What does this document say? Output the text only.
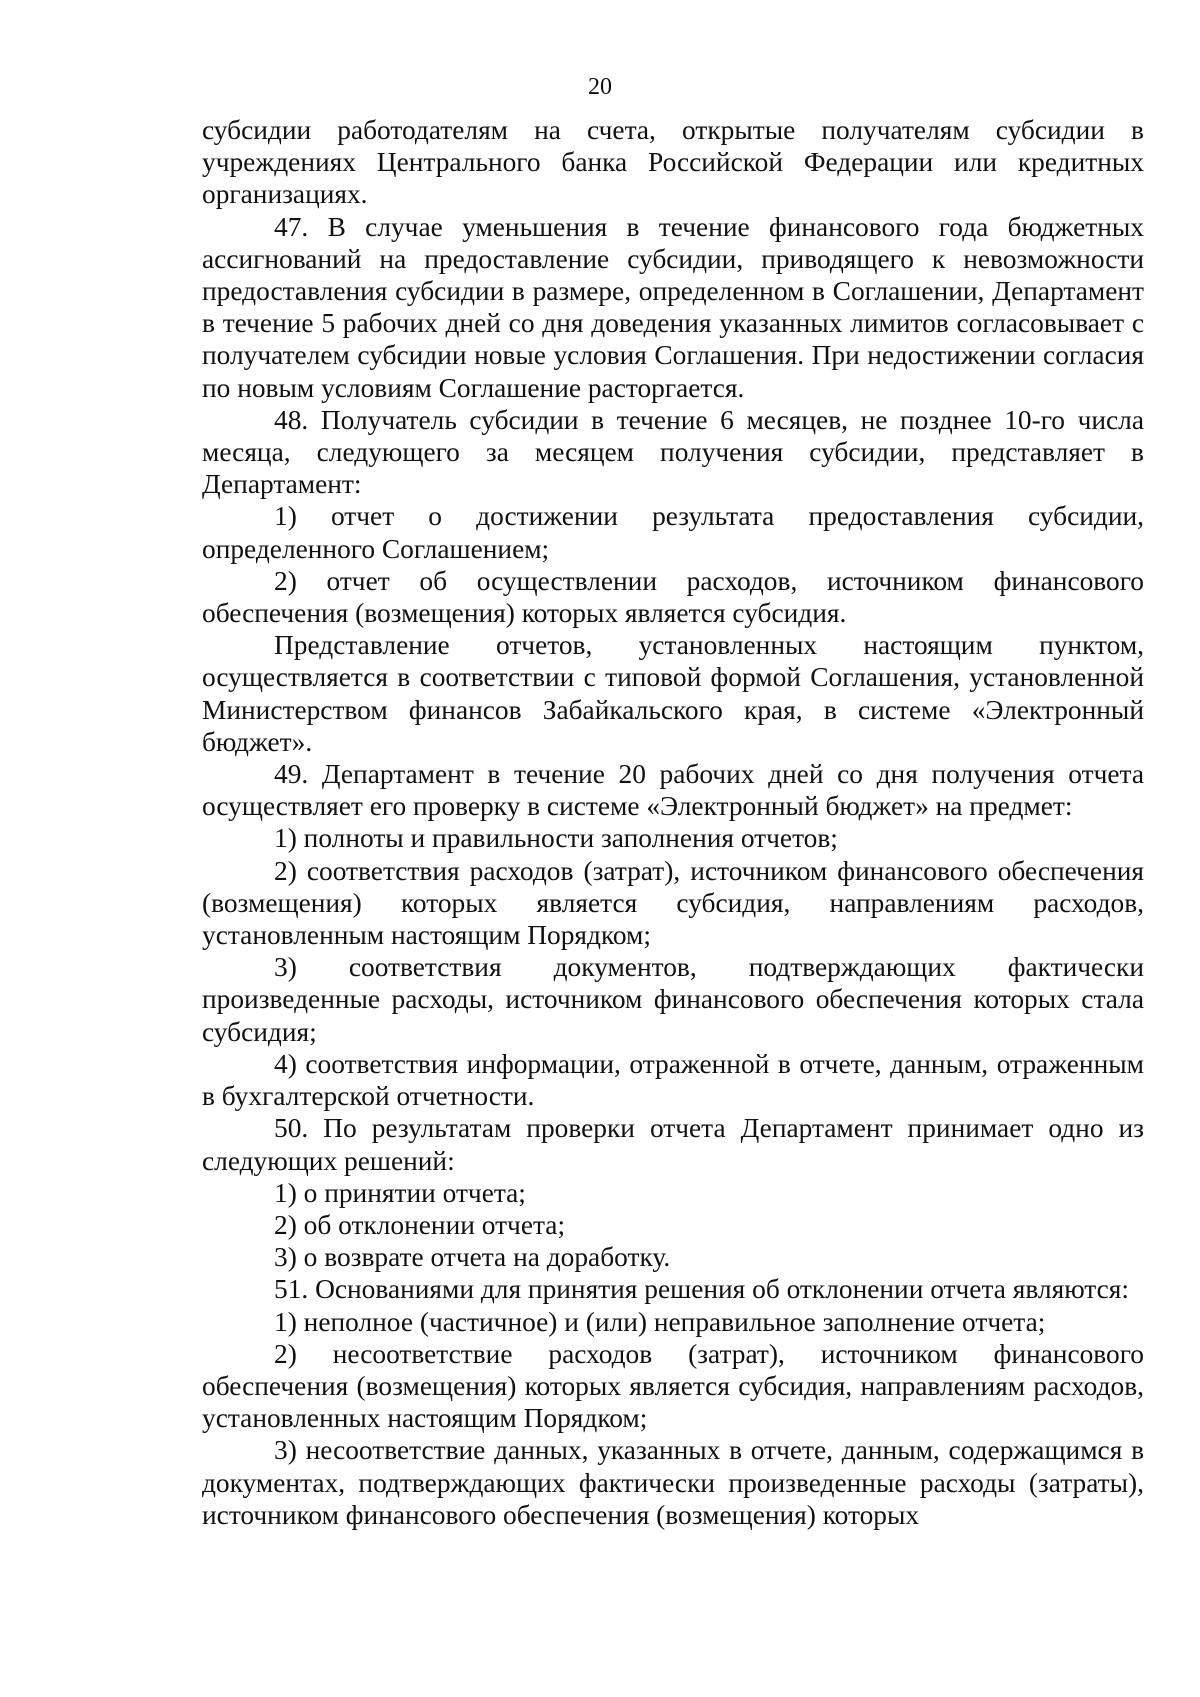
20

субсидии работодателям на счета, открытые получателям субсидии в учреждениях Центрального банка Российской Федерации или кредитных организациях.

47. В случае уменьшения в течение финансового года бюджетных ассигнований на предоставление субсидии, приводящего к невозможности предоставления субсидии в размере, определенном в Соглашении, Департамент в течение 5 рабочих дней со дня доведения указанных лимитов согласовывает с получателем субсидии новые условия Соглашения. При недостижении согласия по новым условиям Соглашение расторгается.

48. Получатель субсидии в течение 6 месяцев, не позднее 10-го числа месяца, следующего за месяцем получения субсидии, представляет в Департамент:

1) отчет о достижении результата предоставления субсидии, определенного Соглашением;

2) отчет об осуществлении расходов, источником финансового обеспечения (возмещения) которых является субсидия.

Представление отчетов, установленных настоящим пунктом, осуществляется в соответствии с типовой формой Соглашения, установленной Министерством финансов Забайкальского края, в системе «Электронный бюджет».

49. Департамент в течение 20 рабочих дней со дня получения отчета осуществляет его проверку в системе «Электронный бюджет» на предмет:

1) полноты и правильности заполнения отчетов;

2) соответствия расходов (затрат), источником финансового обеспечения (возмещения) которых является субсидия, направлениям расходов, установленным настоящим Порядком;

3) соответствия документов, подтверждающих фактически произведенные расходы, источником финансового обеспечения которых стала субсидия;

4) соответствия информации, отраженной в отчете, данным, отраженным в бухгалтерской отчетности.

50. По результатам проверки отчета Департамент принимает одно из следующих решений:

1) о принятии отчета;

2) об отклонении отчета;

3) о возврате отчета на доработку.

51. Основаниями для принятия решения об отклонении отчета являются:

1) неполное (частичное) и (или) неправильное заполнение отчета;

2) несоответствие расходов (затрат), источником финансового обеспечения (возмещения) которых является субсидия, направлениям расходов, установленных настоящим Порядком;

3) несоответствие данных, указанных в отчете, данным, содержащимся в документах, подтверждающих фактически произведенные расходы (затраты), источником финансового обеспечения (возмещения) которых
